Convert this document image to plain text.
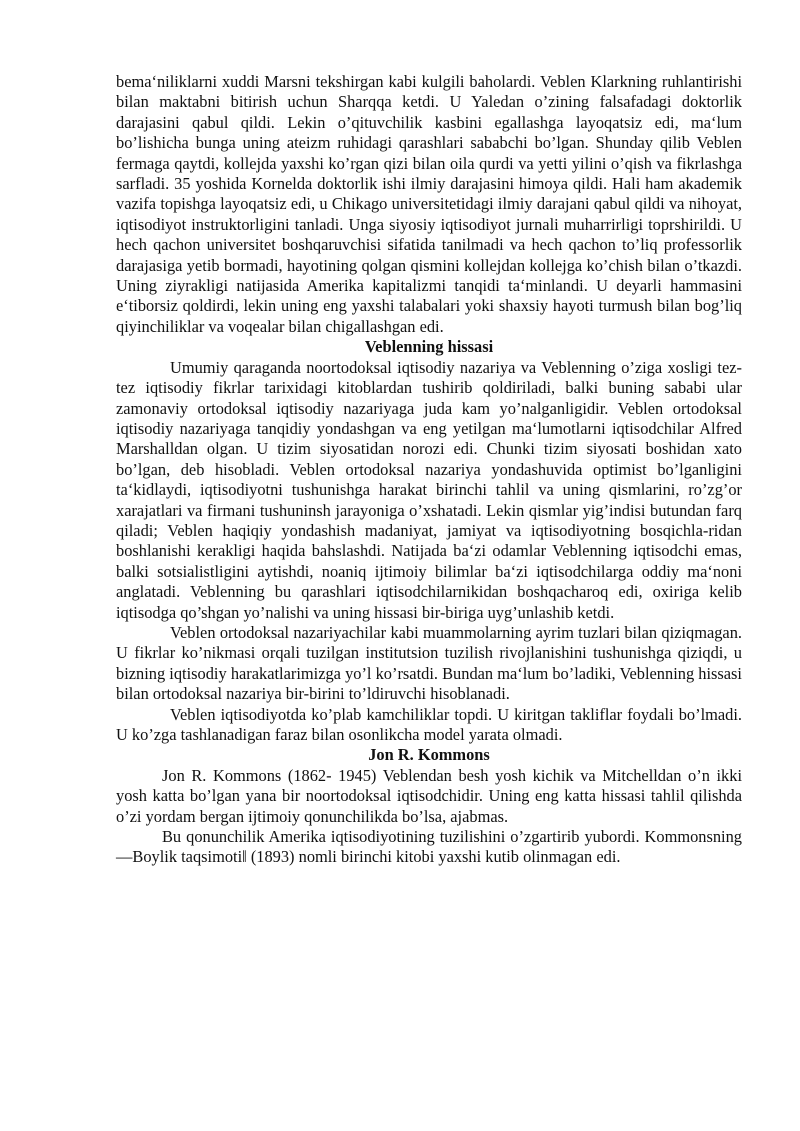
bema‘niliklarni xuddi Marsni tekshirgan kabi kulgili baholardi. Veblen Klarkning ruhlantirishi bilan maktabni bitirish uchun Sharqqa ketdi. U Yaledan o’zining falsafadagi doktorlik darajasini qabul qildi. Lekin o’qituvchilik kasbini egallashga layoqatsiz edi, ma‘lum bo’lishicha bunga uning ateizm ruhidagi qarashlari sababchi bo’lgan. Shunday qilib Veblen fermaga qaytdi, kollejda yaxshi ko’rgan qizi bilan oila qurdi va yetti yilini o’qish va fikrlashga sarfladi. 35 yoshida Kornelda doktorlik ishi ilmiy darajasini himoya qildi. Hali ham akademik vazifa topishga layoqatsiz edi, u Chikago universitetidagi ilmiy darajani qabul qildi va nihoyat, iqtisodiyot instruktorligini tanladi. Unga siyosiy iqtisodiyot jurnali muharrirligi toprshirildi. U hech qachon universitet boshqaruvchisi sifatida tanilmadi va hech qachon to’liq professorlik darajasiga yetib bormadi, hayotining qolgan qismini kollejdan kollejga ko’chish bilan o’tkazdi. Uning ziyrakligi natijasida Amerika kapitalizmi tanqidi ta‘minlandi. U deyarli hammasini e‘tiborsiz qoldirdi, lekin uning eng yaxshi talabalari yoki shaxsiy hayoti turmush bilan bog’liq qiyinchiliklar va voqealar bilan chigallashgan edi.

Veblenning hissasi

Umumiy qaraganda noortodoksal iqtisodiy nazariya va Veblenning o’ziga xosligi tez-tez iqtisodiy fikrlar tarixidagi kitoblardan tushirib qoldiriladi, balki buning sababi ular zamonaviy ortodoksal iqtisodiy nazariyaga juda kam yo’nalganligidir. Veblen ortodoksal iqtisodiy nazariyaga tanqidiy yondashgan va eng yetilgan ma‘lumotlarni iqtisodchilar Alfred Marshalldan olgan. U tizim siyosatidan norozi edi. Chunki tizim siyosati boshidan xato bo’lgan, deb hisobladi. Veblen ortodoksal nazariya yondashuvida optimist bo’lganligini ta‘kidlaydi, iqtisodiyotni tushunishga harakat birinchi tahlil va uning qismlarini, ro’zg’or xarajatlari va firmani tushuninsh jarayoniga o’xshatadi. Lekin qismlar yig’indisi butundan farq qiladi; Veblen haqiqiy yondashish madaniyat, jamiyat va iqtisodiyotning bosqichla-ridan boshlanishi kerakligi haqida bahslashdi. Natijada ba‘zi odamlar Veblenning iqtisodchi emas, balki sotsialistligini aytishdi, noaniq ijtimoiy bilimlar ba‘zi iqtisodchilarga oddiy ma‘noni anglatadi. Veblenning bu qarashlari iqtisodchilarnikidan boshqacharoq edi, oxiriga kelib iqtisodga qo’shgan yo’nalishi va uning hissasi bir-biriga uyg’unlashib ketdi.

Veblen ortodoksal nazariyachilar kabi muammolarning ayrim tuzlari bilan qiziqmagan. U fikrlar ko’nikmasi orqali tuzilgan institutsion tuzilish rivojlanishini tushunishga qiziqdi, u bizning iqtisodiy harakatlarimizga yo’l ko’rsatdi. Bundan ma‘lum bo’ladiki, Veblenning hissasi bilan ortodoksal nazariya bir-birini to’ldiruvchi hisoblanadi.

Veblen iqtisodiyotda ko’plab kamchiliklar topdi. U kiritgan takliflar foydali bo’lmadi. U ko’zga tashlanadigan faraz bilan osonlikcha model yarata olmadi.

Jon R. Kommons

Jon R. Kommons (1862- 1945) Veblendan besh yosh kichik va Mitchelldan o’n ikki yosh katta bo’lgan yana bir noortodoksal iqtisodchidir. Uning eng katta hissasi tahlil qilishda o’zi yordam bergan ijtimoiy qonunchilikda bo’lsa, ajabmas.

Bu qonunchilik Amerika iqtisodiyotining tuzilishini o’zgartirib yubordi. Kommonsning ―Boylik taqsimoti‖ (1893) nomli birinchi kitobi yaxshi kutib olinmagan edi.
